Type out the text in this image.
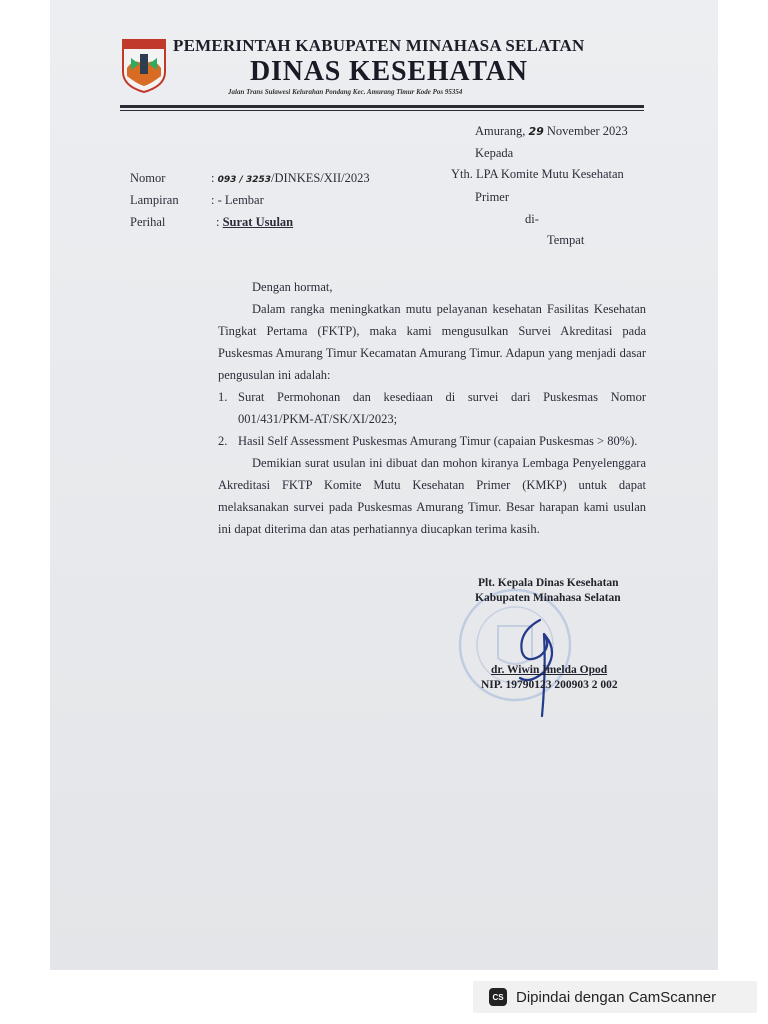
PEMERINTAH KABUPATEN MINAHASA SELATAN
DINAS KESEHATAN
Jalan Trans Sulawesi Kelurahan Pondang Kec. Amurang Timur Kode Pos 95354
Amurang, 29 November 2023
Kepada
Yth. LPA Komite Mutu Kesehatan
Primer
di-
Tempat
Nomor	: 093 / 3253/DINKES/XII/2023
Lampiran	: - Lembar
Perihal	: Surat Usulan

Dengan hormat,

Dalam rangka meningkatkan mutu pelayanan kesehatan Fasilitas Kesehatan Tingkat Pertama (FKTP), maka kami mengusulkan Survei Akreditasi pada Puskesmas Amurang Timur Kecamatan Amurang Timur. Adapun yang menjadi dasar pengusulan ini adalah:

1. Surat Permohonan dan kesediaan di survei dari Puskesmas Nomor 001/431/PKM-AT/SK/XI/2023;
2. Hasil Self Assessment Puskesmas Amurang Timur (capaian Puskesmas > 80%).

Demikian surat usulan ini dibuat dan mohon kiranya Lembaga Penyelenggara Akreditasi FKTP Komite Mutu Kesehatan Primer (KMKP) untuk dapat melaksanakan survei pada Puskesmas Amurang Timur. Besar harapan kami usulan ini dapat diterima dan atas perhatiannya diucapkan terima kasih.

Plt. Kepala Dinas Kesehatan
Kabupaten Minahasa Selatan
dr. Wiwin Imelda Opod
NIP. 19790123 200903 2 002
CS Dipindai dengan CamScanner
